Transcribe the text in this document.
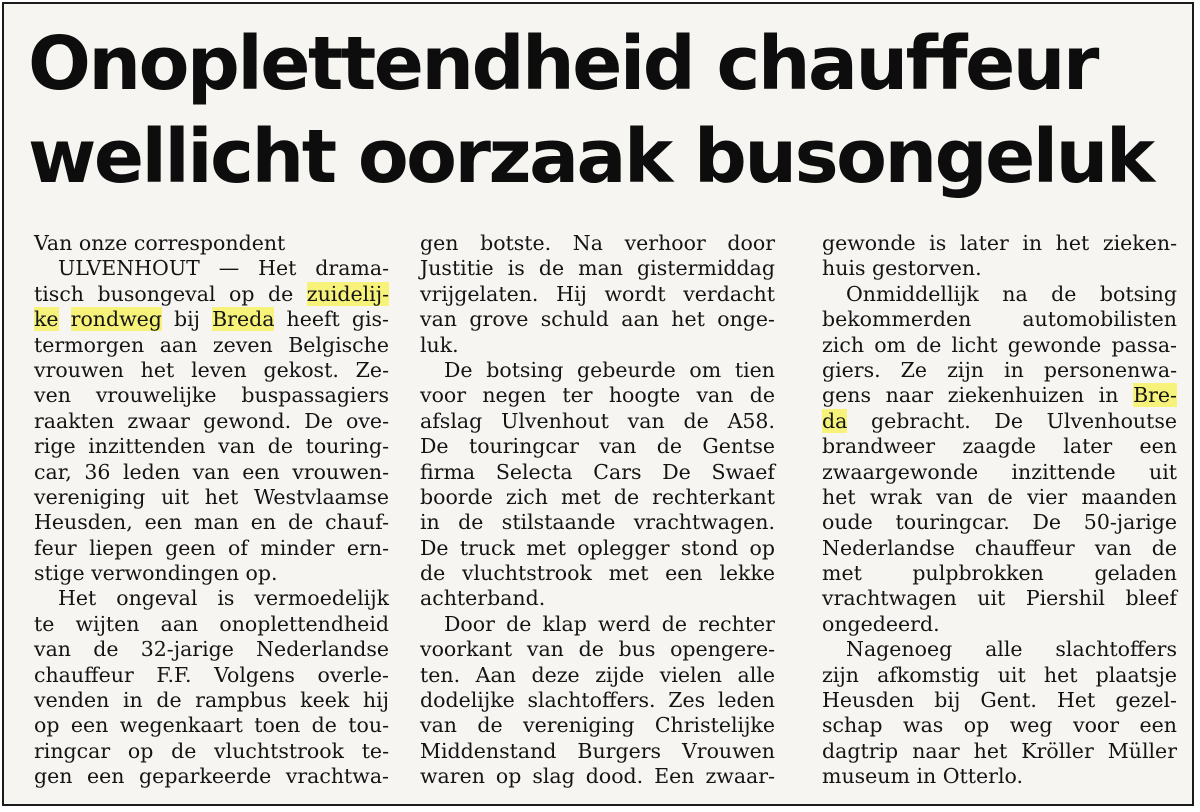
Onoplettendheid chauffeur
wellicht oorzaak busongeluk
Van onze correspondent
ULVENHOUT — Het drama-
tisch busongeval op de zuidelij-
ke rondweg bij Breda heeft gis-
termorgen aan zeven Belgische
vrouwen het leven gekost. Ze-
ven vrouwelijke buspassagiers
raakten zwaar gewond. De ove-
rige inzittenden van de touring-
car, 36 leden van een vrouwen-
vereniging uit het Westvlaamse
Heusden, een man en de chauf-
feur liepen geen of minder ern-
stige verwondingen op.
Het ongeval is vermoedelijk
te wijten aan onoplettendheid
van de 32-jarige Nederlandse
chauffeur F.F. Volgens overle-
venden in de rampbus keek hij
op een wegenkaart toen de tou-
ringcar op de vluchtstrook te-
gen een geparkeerde vrachtwa-
gen botste. Na verhoor door
Justitie is de man gistermiddag
vrijgelaten. Hij wordt verdacht
van grove schuld aan het onge-
luk.
De botsing gebeurde om tien
voor negen ter hoogte van de
afslag Ulvenhout van de A58.
De touringcar van de Gentse
firma Selecta Cars De Swaef
boorde zich met de rechterkant
in de stilstaande vrachtwagen.
De truck met oplegger stond op
de vluchtstrook met een lekke
achterband.
Door de klap werd de rechter
voorkant van de bus opengere-
ten. Aan deze zijde vielen alle
dodelijke slachtoffers. Zes leden
van de vereniging Christelijke
Middenstand Burgers Vrouwen
waren op slag dood. Een zwaar-
gewonde is later in het zieken-
huis gestorven.
Onmiddellijk na de botsing
bekommerden automobilisten
zich om de licht gewonde passa-
giers. Ze zijn in personenwa-
gens naar ziekenhuizen in Bre-
da gebracht. De Ulvenhoutse
brandweer zaagde later een
zwaargewonde inzittende uit
het wrak van de vier maanden
oude touringcar. De 50-jarige
Nederlandse chauffeur van de
met pulpbrokken geladen
vrachtwagen uit Piershil bleef
ongedeerd.
Nagenoeg alle slachtoffers
zijn afkomstig uit het plaatsje
Heusden bij Gent. Het gezel-
schap was op weg voor een
dagtrip naar het Kröller Müller
museum in Otterlo.
